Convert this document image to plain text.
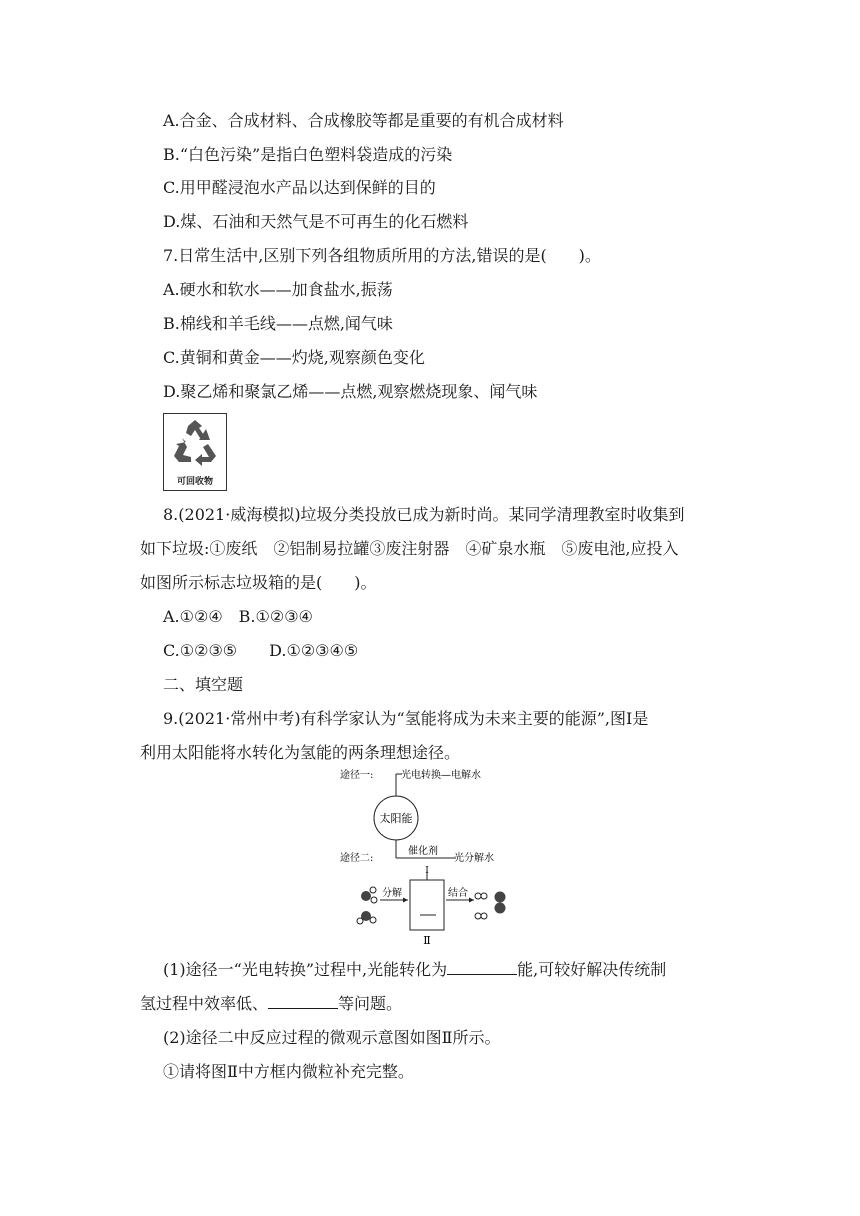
A.合金、合成材料、合成橡胶等都是重要的有机合成材料
B.“白色污染”是指白色塑料袋造成的污染
C.用甲醛浸泡水产品以达到保鲜的目的
D.煤、石油和天然气是不可再生的化石燃料
7.日常生活中,区别下列各组物质所用的方法,错误的是(　　)。
A.硬水和软水——加食盐水,振荡
B.棉线和羊毛线——点燃,闻气味
C.黄铜和黄金——灼烧,观察颜色变化
D.聚乙烯和聚氯乙烯——点燃,观察燃烧现象、闻气味
可回收物
8.(2021·威海模拟)垃圾分类投放已成为新时尚。某同学清理教室时收集到
如下垃圾:①废纸　②铝制易拉罐③废注射器　④矿泉水瓶　⑤废电池,应投入
如图所示标志垃圾箱的是(　　)。
A.①②④　B.①②③④
C.①②③⑤　　D.①②③④⑤
二、填空题
9.(2021·常州中考)有科学家认为“氢能将成为未来主要的能源”,图Ⅰ是
利用太阳能将水转化为氢能的两条理想途径。
途径一:	光电转换—电解水
太阳能
催化剂
途径二:	光分解水
Ⅰ
分解	结合
Ⅱ
(1)途径一“光电转换”过程中,光能转化为	能,可较好解决传统制
氢过程中效率低、	等问题。
(2)途径二中反应过程的微观示意图如图Ⅱ所示。
①请将图Ⅱ中方框内微粒补充完整。
